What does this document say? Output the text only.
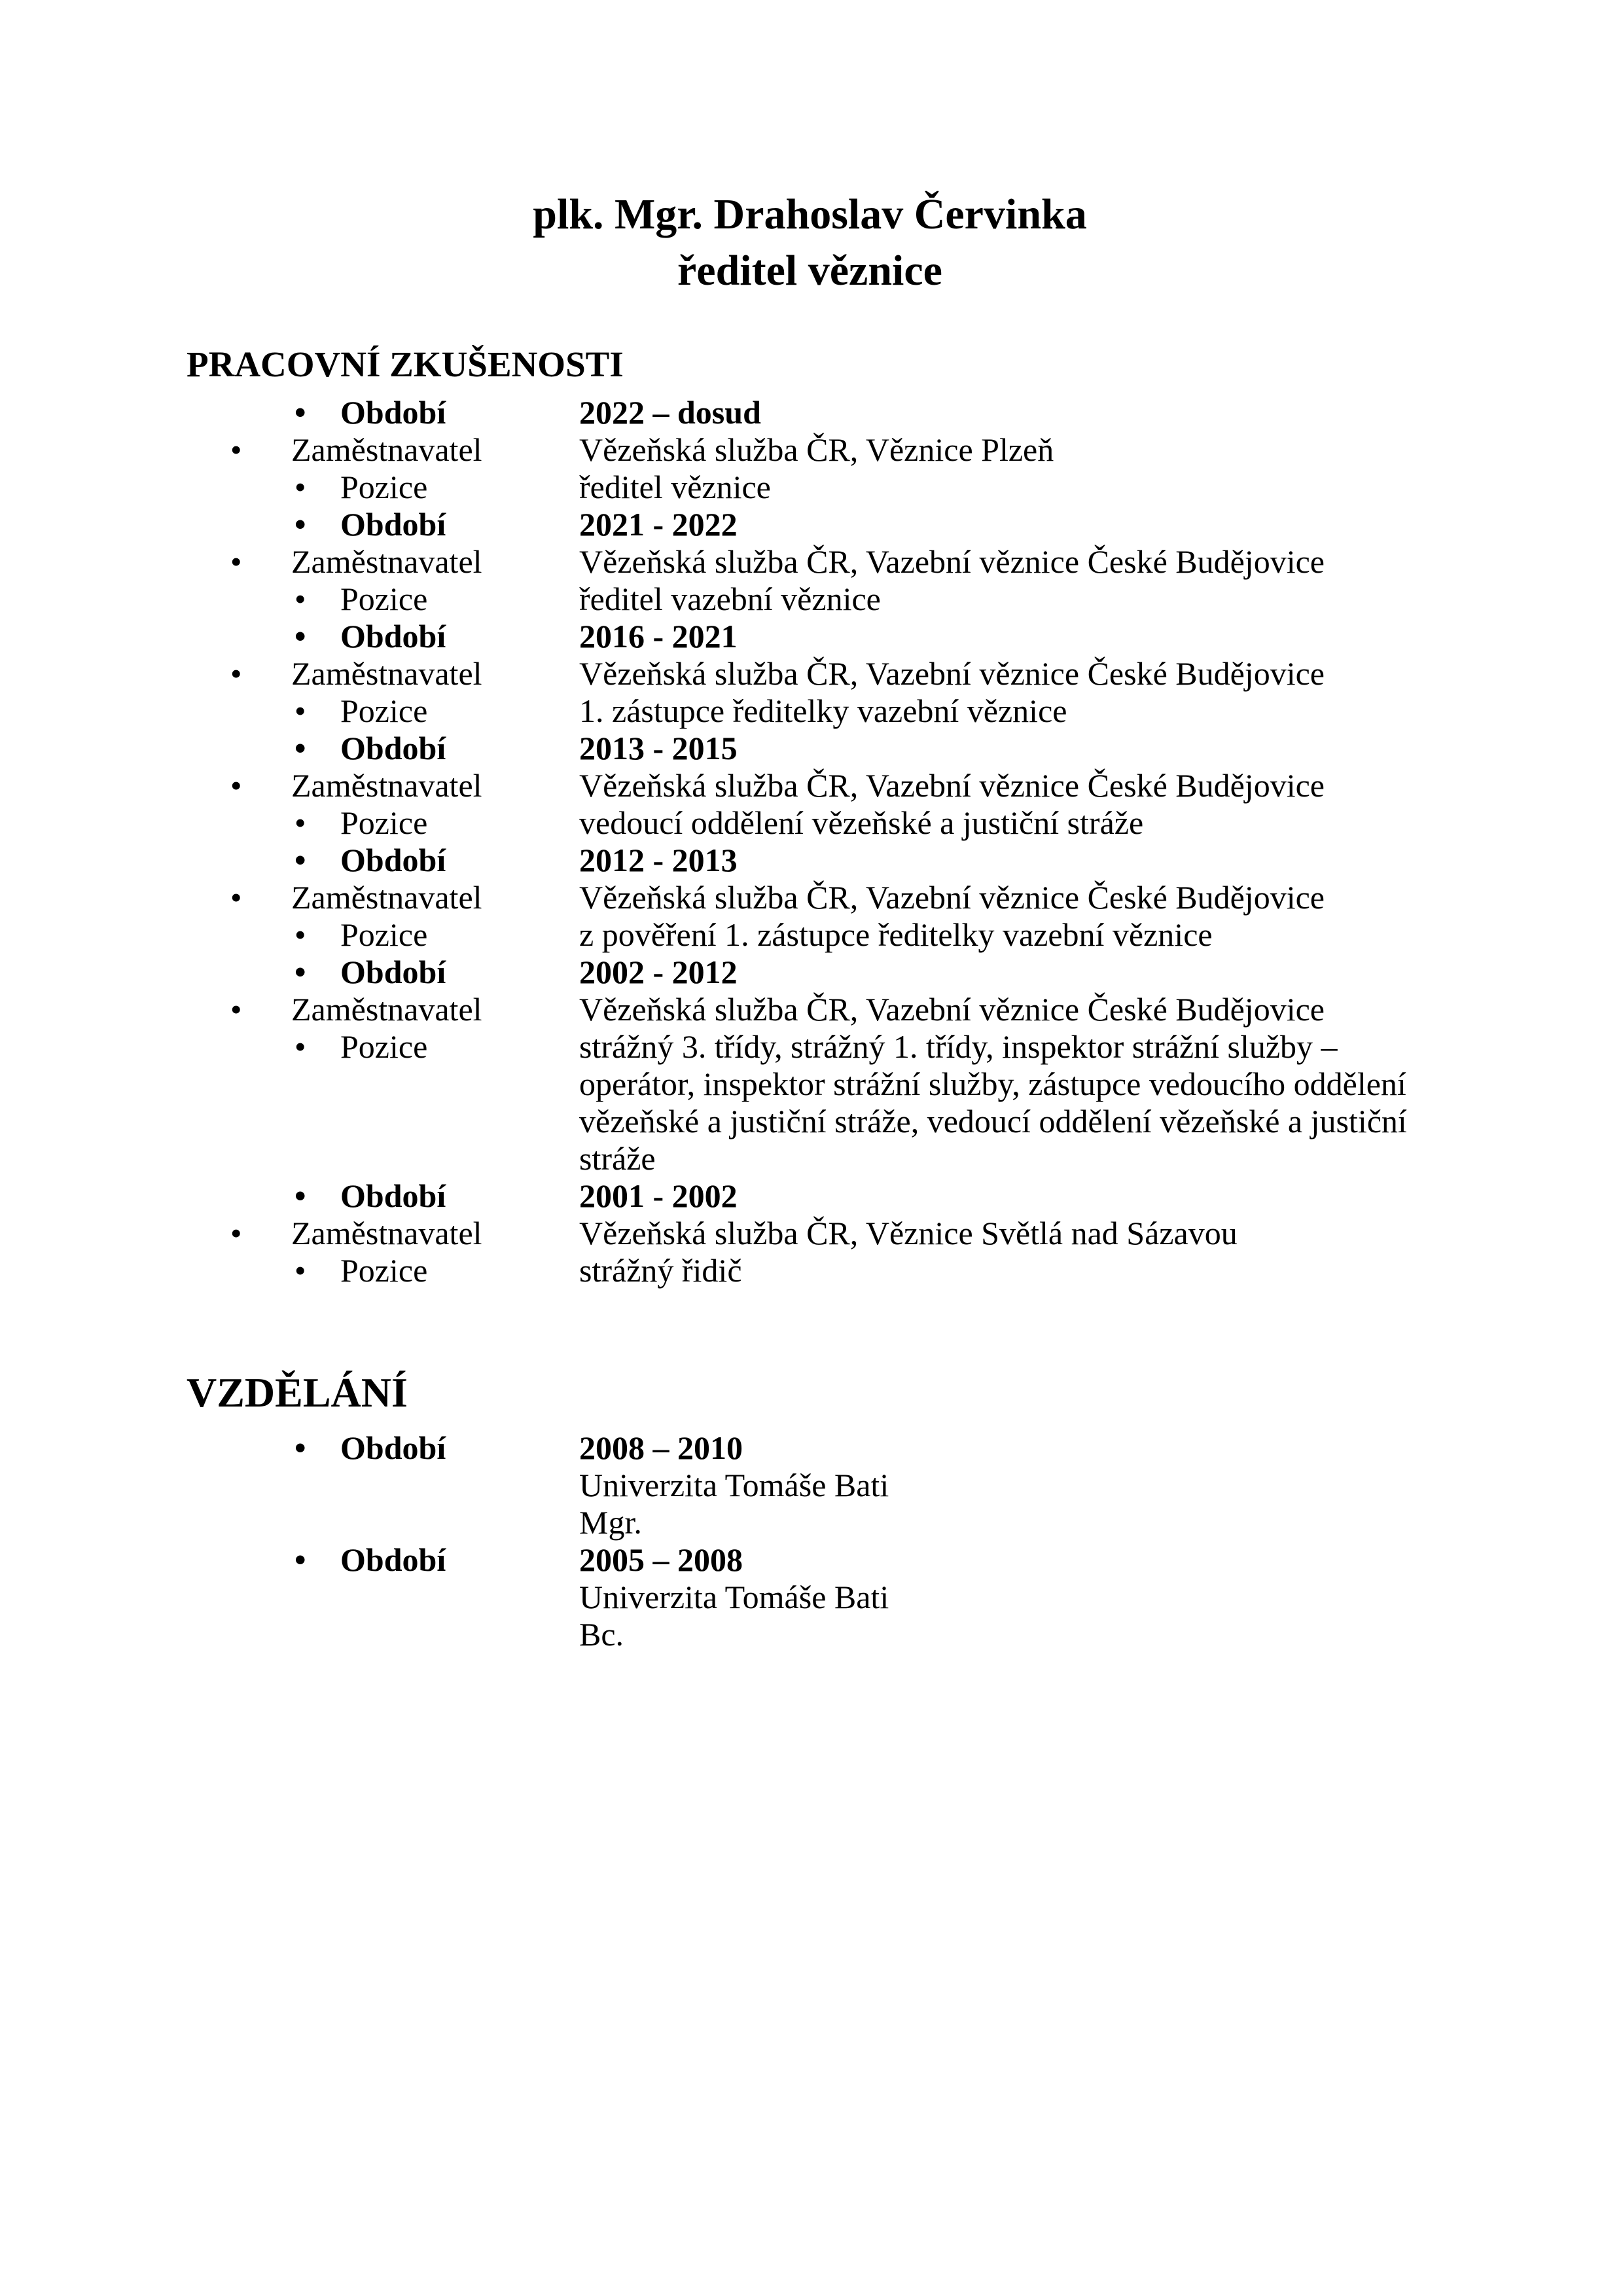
plk. Mgr. Drahoslav Červinka
ředitel věznice
PRACOVNÍ ZKUŠENOSTI
• Období	2022 – dosud
• Zaměstnavatel	Vězeňská služba ČR, Věznice Plzeň
• Pozice	ředitel věznice
• Období	2021 - 2022
• Zaměstnavatel	Vězeňská služba ČR, Vazební věznice České Budějovice
• Pozice	ředitel vazební věznice
• Období	2016 - 2021
• Zaměstnavatel	Vězeňská služba ČR, Vazební věznice České Budějovice
• Pozice	1. zástupce ředitelky vazební věznice
• Období	2013 - 2015
• Zaměstnavatel	Vězeňská služba ČR, Vazební věznice České Budějovice
• Pozice	vedoucí oddělení vězeňské a justiční stráže
• Období	2012 - 2013
• Zaměstnavatel	Vězeňská služba ČR, Vazební věznice České Budějovice
• Pozice	z pověření 1. zástupce ředitelky vazební věznice
• Období	2002 - 2012
• Zaměstnavatel	Vězeňská služba ČR, Vazební věznice České Budějovice
• Pozice	strážný 3. třídy, strážný 1. třídy, inspektor strážní služby – operátor, inspektor strážní služby, zástupce vedoucího oddělení vězeňské a justiční stráže, vedoucí oddělení vězeňské a justiční stráže
• Období	2001 - 2002
• Zaměstnavatel	Vězeňská služba ČR, Věznice Světlá nad Sázavou
• Pozice	strážný řidič
VZDĚLÁNÍ
• Období	2008 – 2010
Univerzita Tomáše Bati
Mgr.
• Období	2005 – 2008
Univerzita Tomáše Bati
Bc.
